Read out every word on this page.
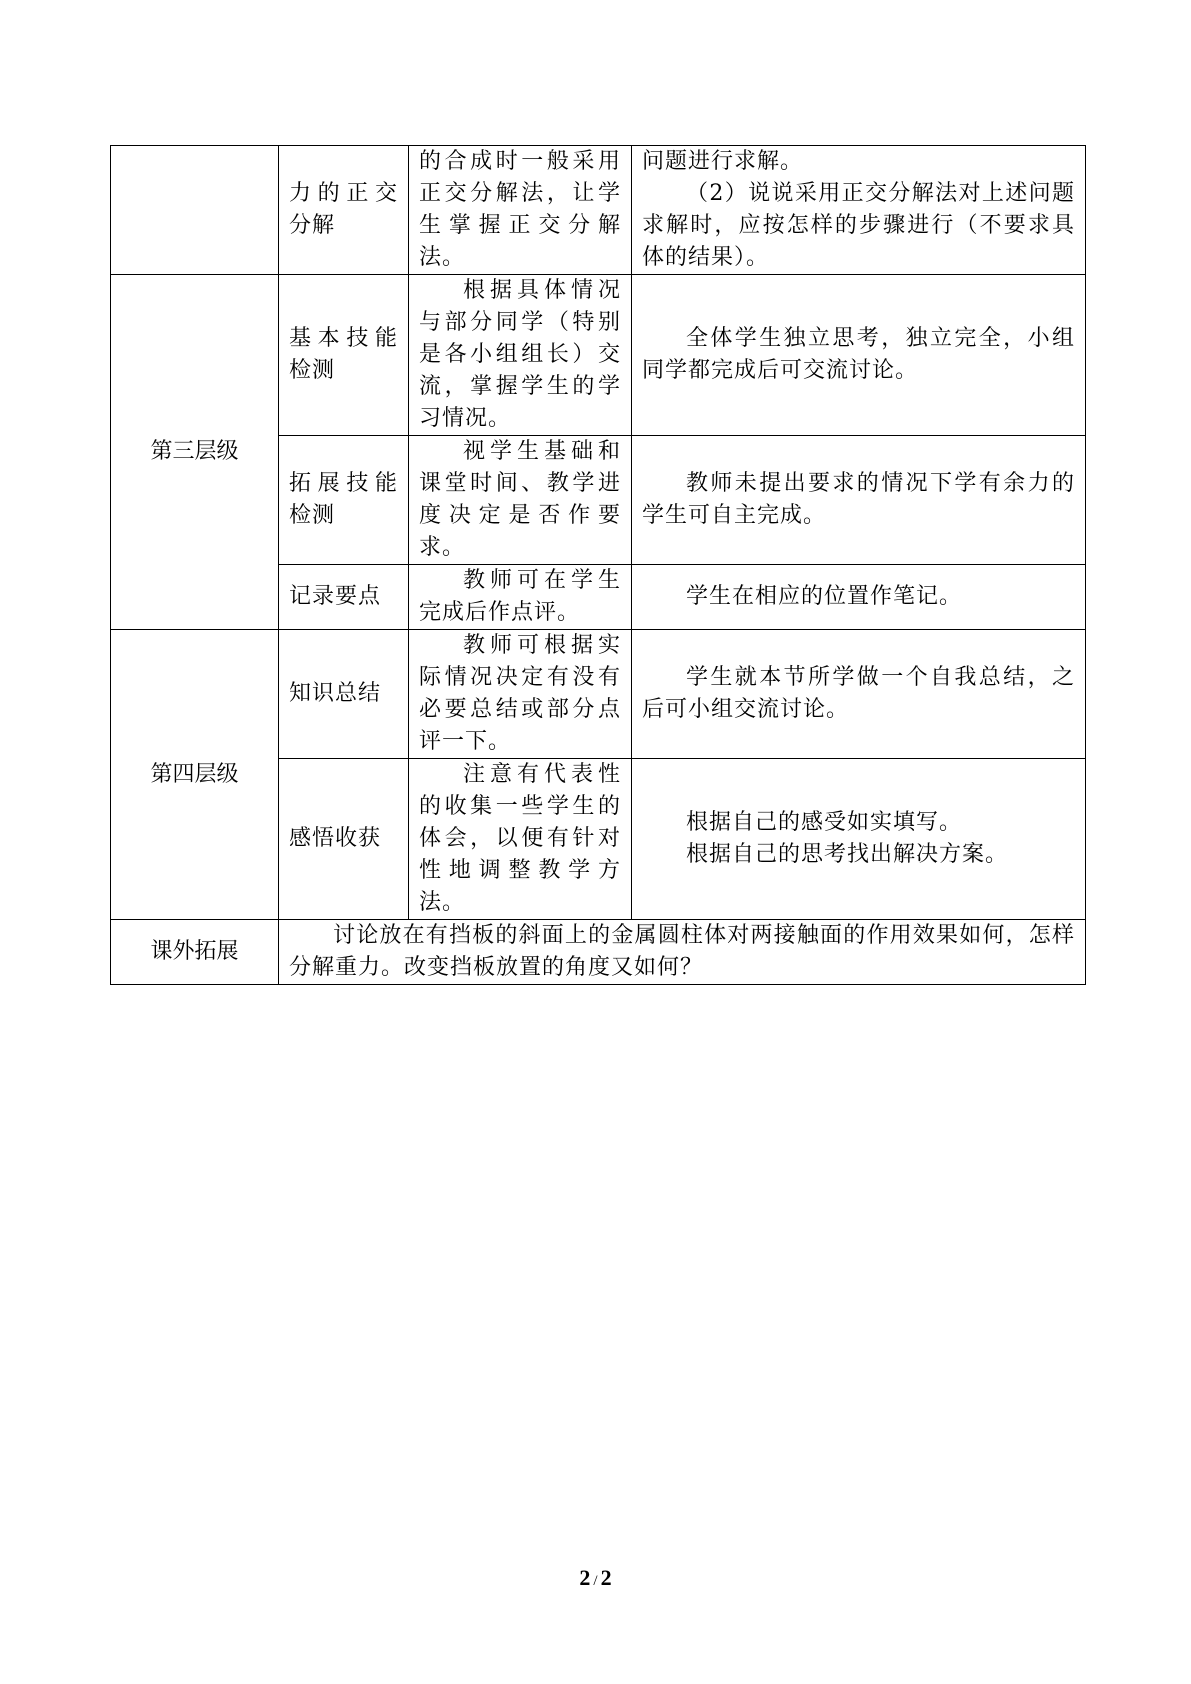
	力的正交分解	的合成时一般采用正交分解法，让学生掌握正交分解法。	问题进行求解。
（2）说说采用正交分解法对上述问题求解时，应按怎样的步骤进行（不要求具体的结果）。

第三层级	基本技能检测	根据具体情况与部分同学（特别是各小组组长）交流，掌握学生的学习情况。	全体学生独立思考，独立完全，小组同学都完成后可交流讨论。

	拓展技能检测	视学生基础和课堂时间、教学进度决定是否作要求。	教师未提出要求的情况下学有余力的学生可自主完成。

	记录要点	教师可在学生完成后作点评。	学生在相应的位置作笔记。

第四层级	知识总结	教师可根据实际情况决定有没有必要总结或部分点评一下。	学生就本节所学做一个自我总结，之后可小组交流讨论。

	感悟收获	注意有代表性的收集一些学生的体会，以便有针对性地调整教学方法。	根据自己的感受如实填写。
根据自己的思考找出解决方案。

课外拓展	讨论放在有挡板的斜面上的金属圆柱体对两接触面的作用效果如何，怎样分解重力。改变挡板放置的角度又如何？		
2 / 2
